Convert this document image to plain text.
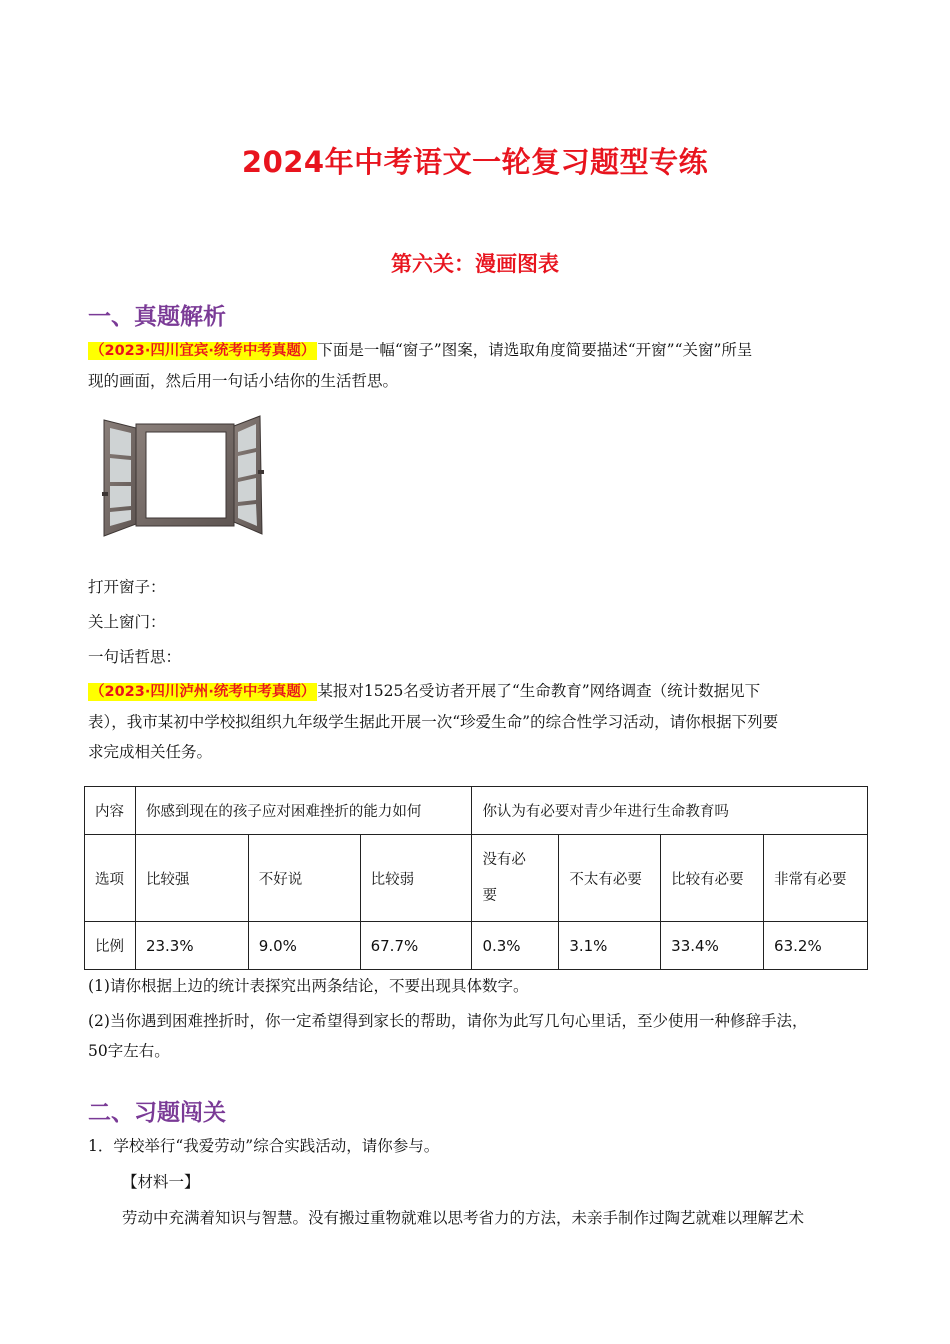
2024年中考语文一轮复习题型专练
第六关：漫画图表
一、真题解析
（2023·四川宜宾·统考中考真题） 下面是一幅“窗子”图案，请选取角度简要描述“开窗”“关窗”所呈
现的画面，然后用一句话小结你的生活哲思。
打开窗子：
关上窗门：
一句话哲思：
（2023·四川泸州·统考中考真题） 某报对1525名受访者开展了“生命教育”网络调查（统计数据见下
表），我市某初中学校拟组织九年级学生据此开展一次“珍爱生命”的综合性学习活动，请你根据下列要
求完成相关任务。
内容	你感到现在的孩子应对困难挫折的能力如何			你认为有必要对青少年进行生命教育吗			
选项	比较强	不好说	比较弱	没有必
要	不太有必要	比较有必要	非常有必要
比例	23.3%	9.0%	67.7%	0.3%	3.1%	33.4%	63.2%
(1)请你根据上边的统计表探究出两条结论，不要出现具体数字。
(2)当你遇到困难挫折时，你一定希望得到家长的帮助，请你为此写几句心里话，至少使用一种修辞手法，
50字左右。
二、习题闯关
1．学校举行“我爱劳动”综合实践活动，请你参与。
【材料一】
劳动中充满着知识与智慧。没有搬过重物就难以思考省力的方法，未亲手制作过陶艺就难以理解艺术
